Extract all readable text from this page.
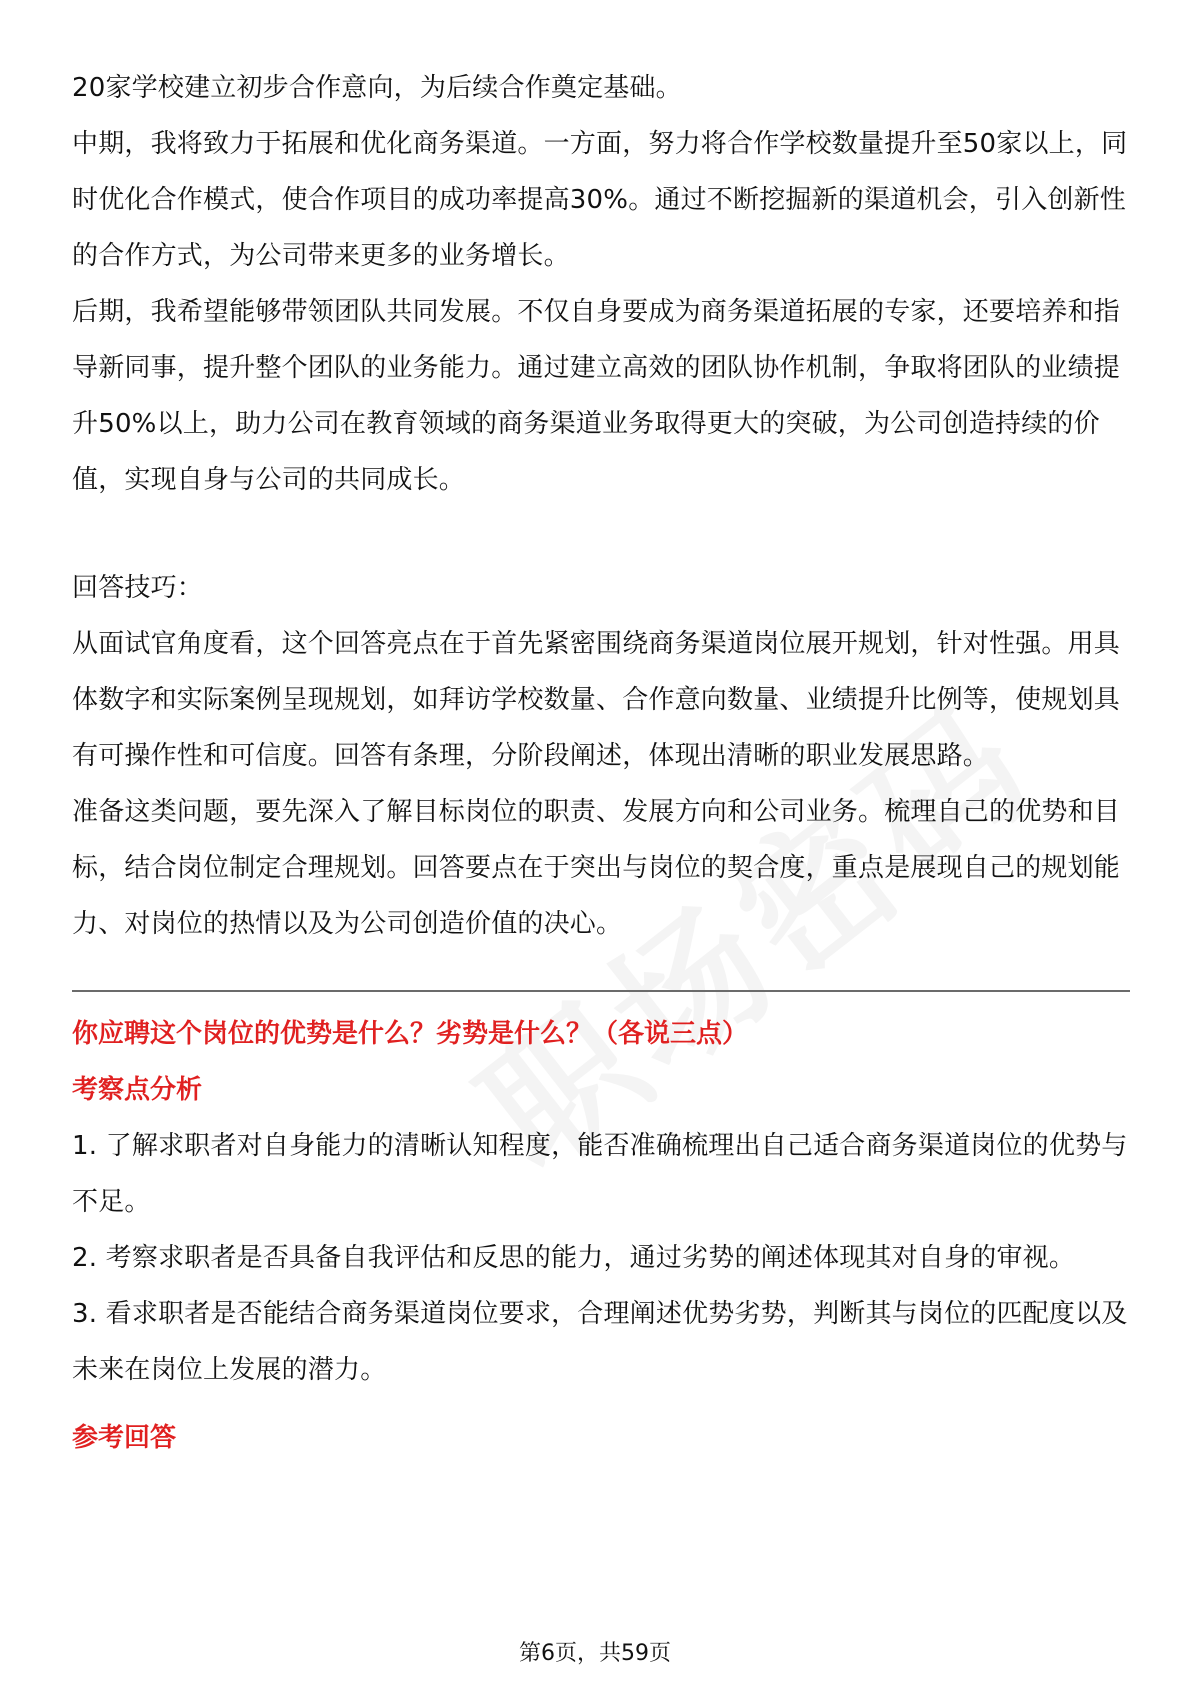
20家学校建立初步合作意向，为后续合作奠定基础。

中期，我将致力于拓展和优化商务渠道。一方面，努力将合作学校数量提升至50家以上，同时优化合作模式，使合作项目的成功率提高30%。通过不断挖掘新的渠道机会，引入创新性的合作方式，为公司带来更多的业务增长。

后期，我希望能够带领团队共同发展。不仅自身要成为商务渠道拓展的专家，还要培养和指导新同事，提升整个团队的业务能力。通过建立高效的团队协作机制，争取将团队的业绩提升50%以上，助力公司在教育领域的商务渠道业务取得更大的突破，为公司创造持续的价值，实现自身与公司的共同成长。

回答技巧：

从面试官角度看，这个回答亮点在于首先紧密围绕商务渠道岗位展开规划，针对性强。用具体数字和实际案例呈现规划，如拜访学校数量、合作意向数量、业绩提升比例等，使规划具有可操作性和可信度。回答有条理，分阶段阐述，体现出清晰的职业发展思路。

准备这类问题，要先深入了解目标岗位的职责、发展方向和公司业务。梳理自己的优势和目标，结合岗位制定合理规划。回答要点在于突出与岗位的契合度，重点是展现自己的规划能力、对岗位的热情以及为公司创造价值的决心。

你应聘这个岗位的优势是什么？劣势是什么？（各说三点）

考察点分析

1. 了解求职者对自身能力的清晰认知程度，能否准确梳理出自己适合商务渠道岗位的优势与不足。

2. 考察求职者是否具备自我评估和反思的能力，通过劣势的阐述体现其对自身的审视。

3. 看求职者是否能结合商务渠道岗位要求，合理阐述优势劣势，判断其与岗位的匹配度以及未来在岗位上发展的潜力。

参考回答

第6页，共59页
